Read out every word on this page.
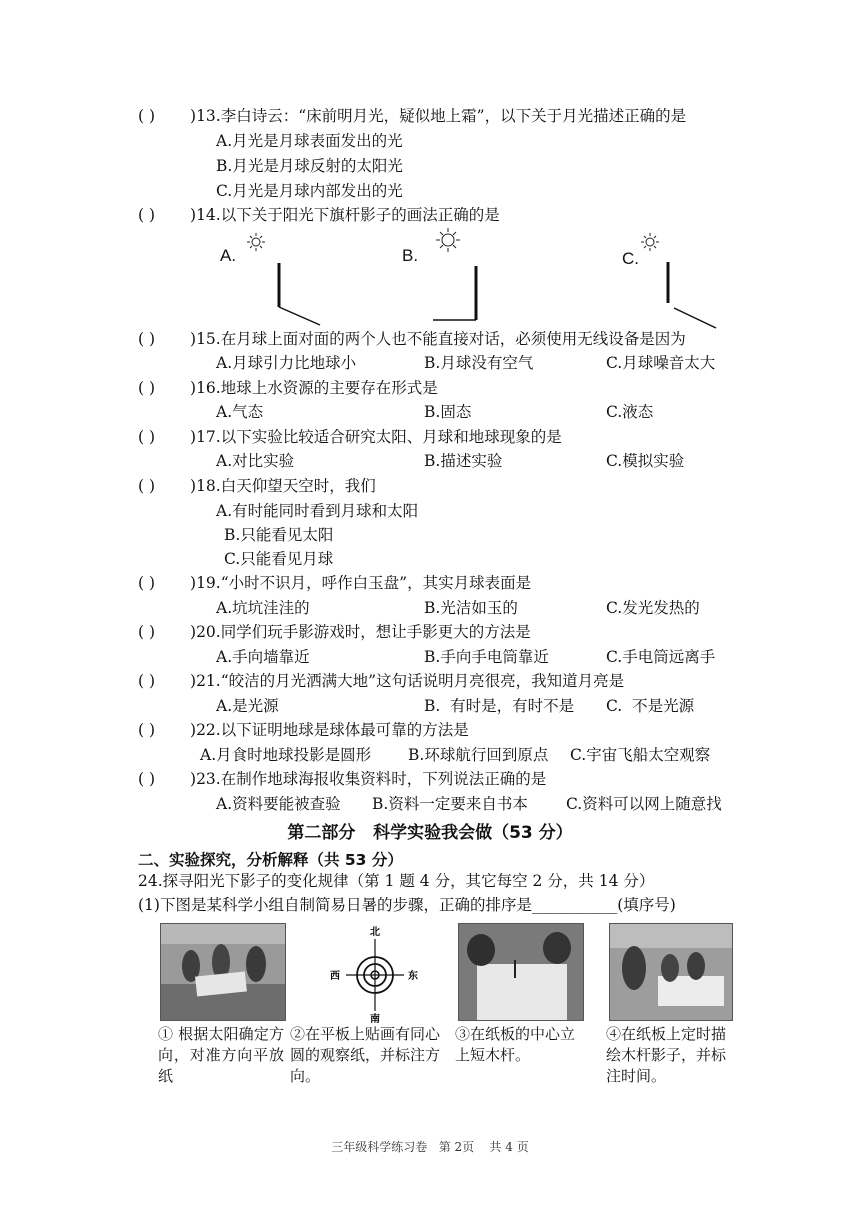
( ) )13.李白诗云：“床前明月光，疑似地上霜”，以下关于月光描述正确的是
A.月光是月球表面发出的光
B.月光是月球反射的太阳光
C.月光是月球内部发出的光
( ) )14.以下关于阳光下旗杆影子的画法正确的是
A.	B.	C.
( ) )15.在月球上面对面的两个人也不能直接对话，必须使用无线设备是因为
A.月球引力比地球小	B.月球没有空气	C.月球噪音太大
( ) )16.地球上水资源的主要存在形式是
A.气态	B.固态	C.液态
( ) )17.以下实验比较适合研究太阳、月球和地球现象的是
A.对比实验	B.描述实验	C.模拟实验
( ) )18.白天仰望天空时，我们
A.有时能同时看到月球和太阳
B.只能看见太阳
C.只能看见月球
( ) )19.“小时不识月，呼作白玉盘”，其实月球表面是
A.坑坑洼洼的	B.光洁如玉的	C.发光发热的
( ) )20.同学们玩手影游戏时，想让手影更大的方法是
A.手向墙靠近	B.手向手电筒靠近	C.手电筒远离手
( ) )21.“皎洁的月光洒满大地”这句话说明月亮很亮，我知道月亮是
A.是光源	B.  有时是，有时不是 C.  不是光源
( ) )22.以下证明地球是球体最可靠的方法是
A.月食时地球投影是圆形 B.环球航行回到原点 C.宇宙飞船太空观察
( ) )23.在制作地球海报收集资料时，下列说法正确的是
A.资料要能被查验 B.资料一定要来自书本 C.资料可以网上随意找
第二部分   科学实验我会做（53 分）
二、实验探究，分析解释（共 53 分）
24.探寻阳光下影子的变化规律（第 1 题 4 分，其它每空 2 分，共 14 分）
(1)下图是某科学小组自制简易日暑的步骤，正确的排序是___________(填序号)
北
南
西	东
① 根据太阳确定方向，对准方向平放纸
②在平板上贴画有同心圆的观察纸，并标注方向。
③在纸板的中心立上短木杆。
④在纸板上定时描绘木杆影子，并标注时间。
三年级科学练习卷   第 2页    共 4 页
